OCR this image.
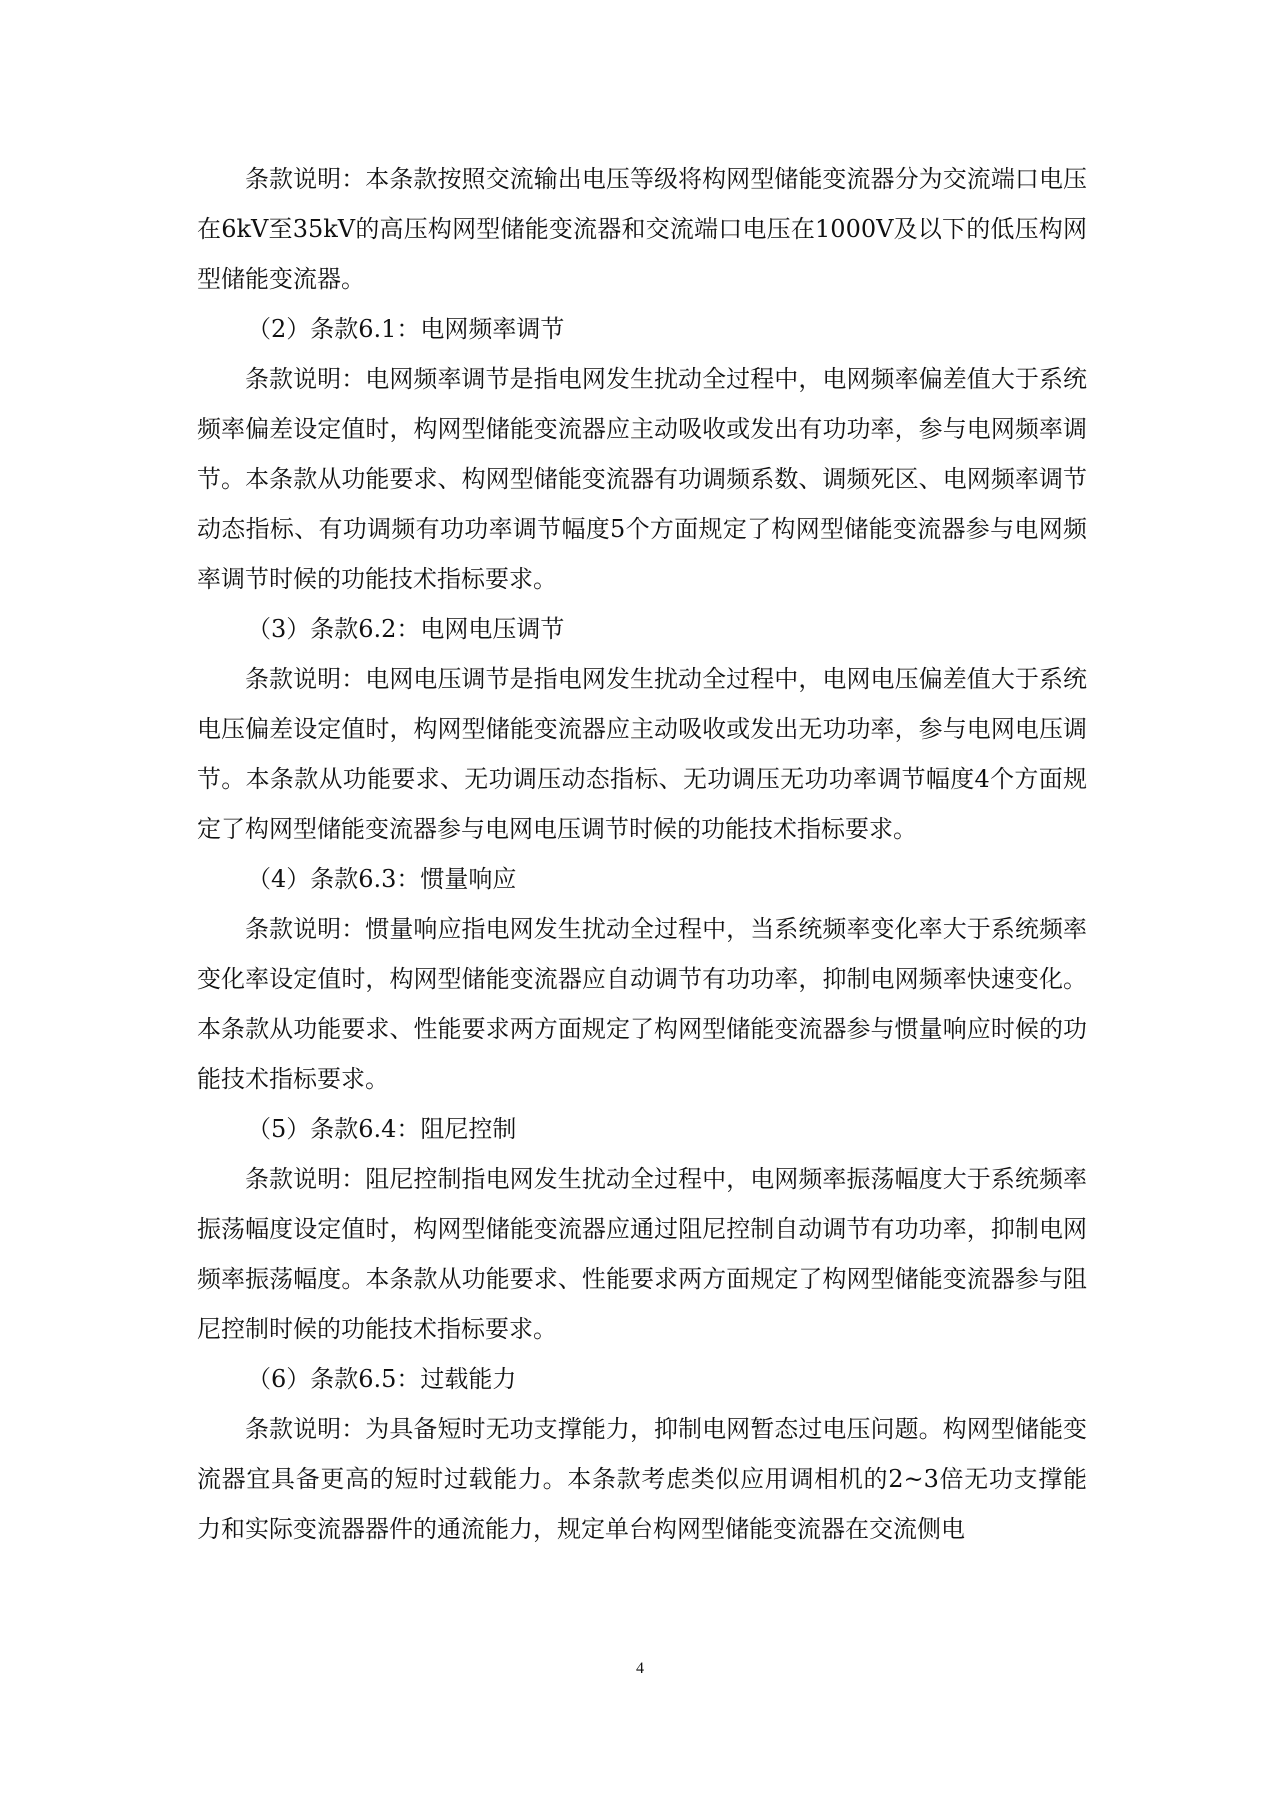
条款说明：本条款按照交流输出电压等级将构网型储能变流器分为交流端口电压在6kV至35kV的高压构网型储能变流器和交流端口电压在1000V及以下的低压构网型储能变流器。

（2）条款6.1：电网频率调节

条款说明：电网频率调节是指电网发生扰动全过程中，电网频率偏差值大于系统频率偏差设定值时，构网型储能变流器应主动吸收或发出有功功率，参与电网频率调节。本条款从功能要求、构网型储能变流器有功调频系数、调频死区、电网频率调节动态指标、有功调频有功功率调节幅度5个方面规定了构网型储能变流器参与电网频率调节时候的功能技术指标要求。

（3）条款6.2：电网电压调节

条款说明：电网电压调节是指电网发生扰动全过程中，电网电压偏差值大于系统电压偏差设定值时，构网型储能变流器应主动吸收或发出无功功率，参与电网电压调节。本条款从功能要求、无功调压动态指标、无功调压无功功率调节幅度4个方面规定了构网型储能变流器参与电网电压调节时候的功能技术指标要求。

（4）条款6.3：惯量响应

条款说明：惯量响应指电网发生扰动全过程中，当系统频率变化率大于系统频率变化率设定值时，构网型储能变流器应自动调节有功功率，抑制电网频率快速变化。本条款从功能要求、性能要求两方面规定了构网型储能变流器参与惯量响应时候的功能技术指标要求。

（5）条款6.4：阻尼控制

条款说明：阻尼控制指电网发生扰动全过程中，电网频率振荡幅度大于系统频率振荡幅度设定值时，构网型储能变流器应通过阻尼控制自动调节有功功率，抑制电网频率振荡幅度。本条款从功能要求、性能要求两方面规定了构网型储能变流器参与阻尼控制时候的功能技术指标要求。

（6）条款6.5：过载能力

条款说明：为具备短时无功支撑能力，抑制电网暂态过电压问题。构网型储能变流器宜具备更高的短时过载能力。本条款考虑类似应用调相机的2~3倍无功支撑能力和实际变流器器件的通流能力，规定单台构网型储能变流器在交流侧电

4
